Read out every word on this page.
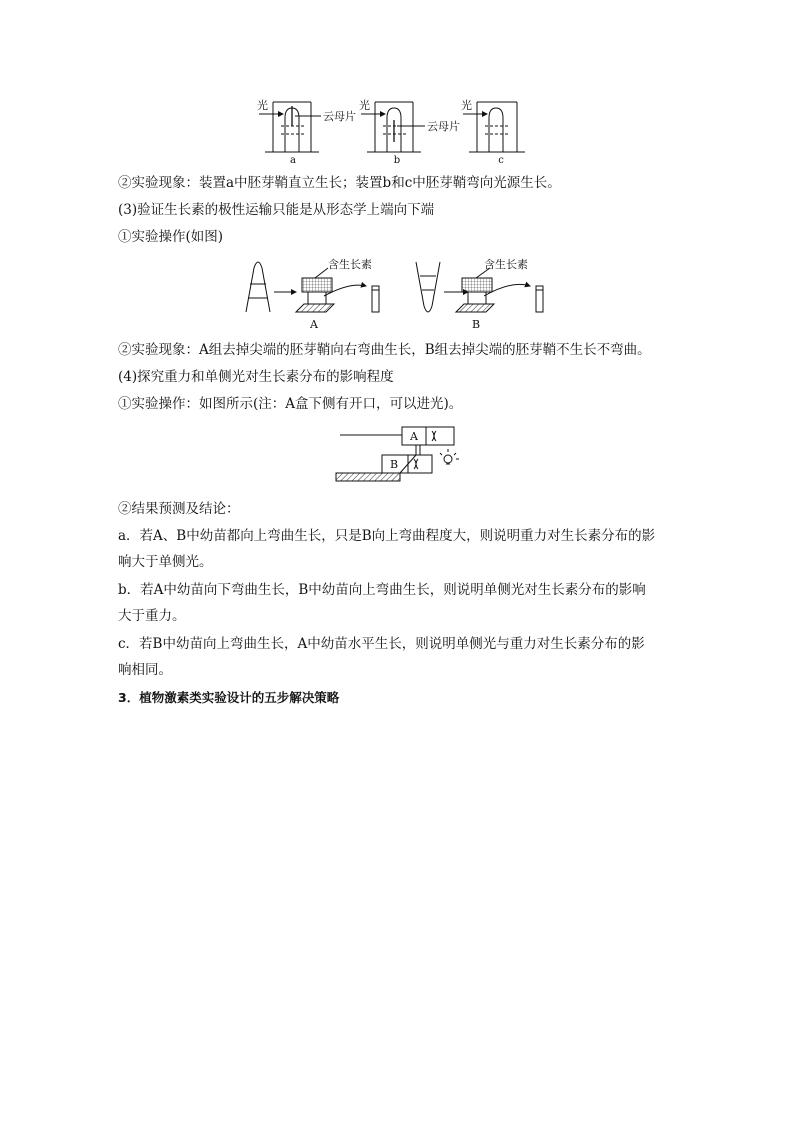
光
云母片
a
光
云母片
b
光
c
②实验现象：装置a中胚芽鞘直立生长；装置b和c中胚芽鞘弯向光源生长。
(3)验证生长素的极性运输只能是从形态学上端向下端
①实验操作(如图)
含生长素
A
含生长素
B
②实验现象：A组去掉尖端的胚芽鞘向右弯曲生长，B组去掉尖端的胚芽鞘不生长不弯曲。
(4)探究重力和单侧光对生长素分布的影响程度
①实验操作：如图所示(注：A盒下侧有开口，可以进光)。
A
B
②结果预测及结论：
a．若A、B中幼苗都向上弯曲生长，只是B向上弯曲程度大，则说明重力对生长素分布的影
响大于单侧光。
b．若A中幼苗向下弯曲生长，B中幼苗向上弯曲生长，则说明单侧光对生长素分布的影响
大于重力。
c．若B中幼苗向上弯曲生长，A中幼苗水平生长，则说明单侧光与重力对生长素分布的影
响相同。
3．植物激素类实验设计的五步解决策略
